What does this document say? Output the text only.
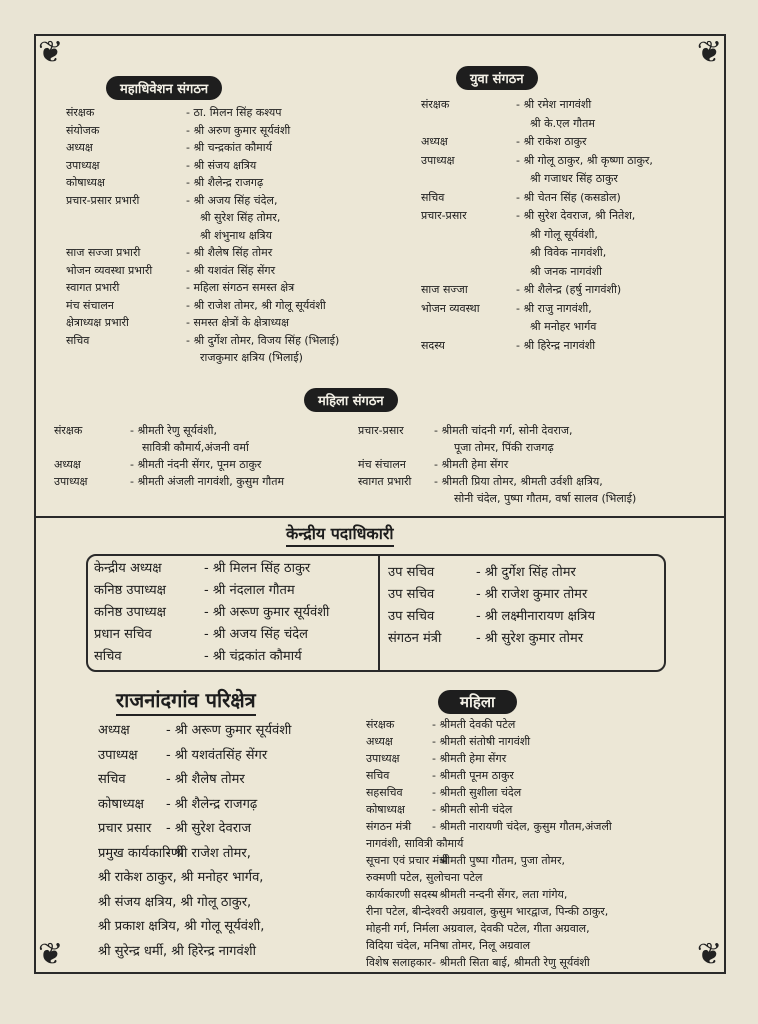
❦	❦
❦	❦
महाधिवेशन संगठन
संरक्षक	- ठा. मिलन सिंह कश्यप
संयोजक	- श्री अरुण कुमार सूर्यवंशी
अध्यक्ष	- श्री चन्द्रकांत कौमार्य
उपाध्यक्ष	- श्री संजय क्षत्रिय
कोषाध्यक्ष	- श्री शैलेन्द्र राजगढ़
प्रचार-प्रसार प्रभारी	- श्री अजय सिंह चंदेल,
श्री सुरेश सिंह तोमर,
श्री शंभुनाथ क्षत्रिय
साज सज्जा प्रभारी	- श्री शैलेष सिंह तोमर
भोजन व्यवस्था प्रभारी	- श्री यशवंत सिंह सेंगर
स्वागत प्रभारी	- महिला संगठन समस्त क्षेत्र
मंच संचालन	- श्री राजेश तोमर, श्री गोलू सूर्यवंशी
क्षेत्राध्यक्ष प्रभारी	- समस्त क्षेत्रों के क्षेत्राध्यक्ष
सचिव	- श्री दुर्गेश तोमर, विजय सिंह (भिलाई)
राजकुमार क्षत्रिय (भिलाई)
युवा संगठन
संरक्षक	- श्री रमेश नागवंशी
श्री के.एल गौतम
अध्यक्ष	- श्री राकेश ठाकुर
उपाध्यक्ष	- श्री गोलू ठाकुर, श्री कृष्णा ठाकुर,
श्री गजाधर सिंह ठाकुर
सचिव	- श्री चेतन सिंह (कसडोल)
प्रचार-प्रसार	- श्री सुरेश देवराज, श्री नितेश,
श्री गोलू सूर्यवंशी,
श्री विवेक नागवंशी,
श्री जनक नागवंशी
साज सज्जा	- श्री शैलेन्द्र (हर्षु नागवंशी)
भोजन व्यवस्था	- श्री राजु नागवंशी,
श्री मनोहर भार्गव
सदस्य	- श्री हिरेन्द्र नागवंशी
महिला संगठन
संरक्षक	- श्रीमती रेणु सूर्यवंशी,
सावित्री कौमार्य,अंजनी वर्मा
अध्यक्ष	- श्रीमती नंदनी सेंगर, पूनम ठाकुर
उपाध्यक्ष	- श्रीमती अंजली नागवंशी, कुसुम गौतम
प्रचार-प्रसार	- श्रीमती चांदनी गर्ग, सोनी देवराज,
पूजा तोमर, पिंकी राजगढ़
मंच संचालन	- श्रीमती हेमा सेंगर
स्वागत प्रभारी - श्रीमती प्रिया तोमर, श्रीमती उर्वशी क्षत्रिय,
सोनी चंदेल, पुष्पा गौतम, वर्षा सालव (भिलाई)
केन्द्रीय पदाधिकारी
केन्द्रीय अध्यक्ष	- श्री मिलन सिंह ठाकुर
कनिष्ठ उपाध्यक्ष	- श्री नंदलाल गौतम
कनिष्ठ उपाध्यक्ष	- श्री अरूण कुमार सूर्यवंशी
प्रधान सचिव	- श्री अजय सिंह चंदेल
सचिव	- श्री चंद्रकांत कौमार्य
उप सचिव	- श्री दुर्गेश सिंह तोमर
उप सचिव	- श्री राजेश कुमार तोमर
उप सचिव	- श्री लक्ष्मीनारायण क्षत्रिय
संगठन मंत्री	- श्री सुरेश कुमार तोमर
राजनांदगांव परिक्षेत्र
अध्यक्ष	- श्री अरूण कुमार सूर्यवंशी
उपाध्यक्ष - श्री यशवंतसिंह सेंगर
सचिव	- श्री शैलेष तोमर
कोषाध्यक्ष - श्री शैलेन्द्र राजगढ़
प्रचार प्रसार - श्री सुरेश देवराज
प्रमुख कार्यकारिणी
- श्री राजेश तोमर,
श्री राकेश ठाकुर, श्री मनोहर भार्गव,
श्री संजय क्षत्रिय, श्री गोलू ठाकुर,
श्री प्रकाश क्षत्रिय, श्री गोलू सूर्यवंशी,
श्री सुरेन्द्र धर्मी, श्री हिरेन्द्र नागवंशी
महिला
संरक्षक	- श्रीमती देवकी पटेल
अध्यक्ष	- श्रीमती संतोषी नागवंशी
उपाध्यक्ष	- श्रीमती हेमा सेंगर
सचिव	- श्रीमती पूनम ठाकुर
सहसचिव	- श्रीमती सुशीला चंदेल
कोषाध्यक्ष - श्रीमती सोनी चंदेल
संगठन मंत्री - श्रीमती नारायणी चंदेल, कुसुम गौतम,अंजली
नागवंशी, सावित्री कौमार्य
सूचना एवं प्रचार मंत्री
- श्रीमती पुष्पा गौतम, पुजा तोमर,
रुक्मणी पटेल, सुलोचना पटेल
कार्यकारणी सदस्य
- श्रीमती नन्दनी सेंगर, लता गांगेय,
रीना पटेल, बीन्देश्वरी अग्रवाल, कुसुम भारद्वाज, पिन्की ठाकुर,
मोहनी गर्ग, निर्मला अग्रवाल, देवकी पटेल, गीता अग्रवाल,
विदिया चंदेल, मनिषा तोमर, निलू अग्रवाल
विशेष सलाहकार - श्रीमती सिता बाई, श्रीमती रेणु सूर्यवंशी
